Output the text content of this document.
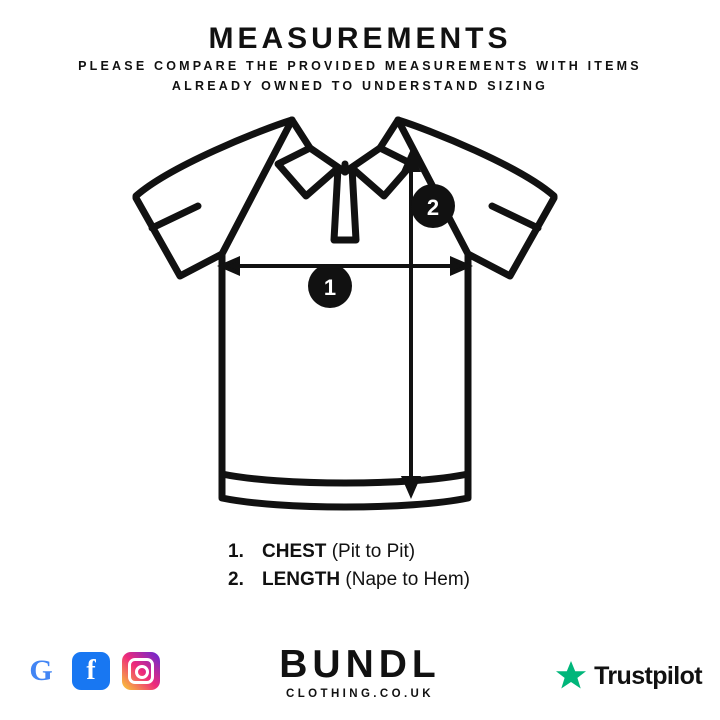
MEASUREMENTS
PLEASE COMPARE THE PROVIDED MEASUREMENTS WITH ITEMS ALREADY OWNED TO UNDERSTAND SIZING
1
2
1. CHEST (Pit to Pit)
2. LENGTH (Nape to Hem)
G f	BUNDL
CLOTHING.CO.UK
Trustpilot
